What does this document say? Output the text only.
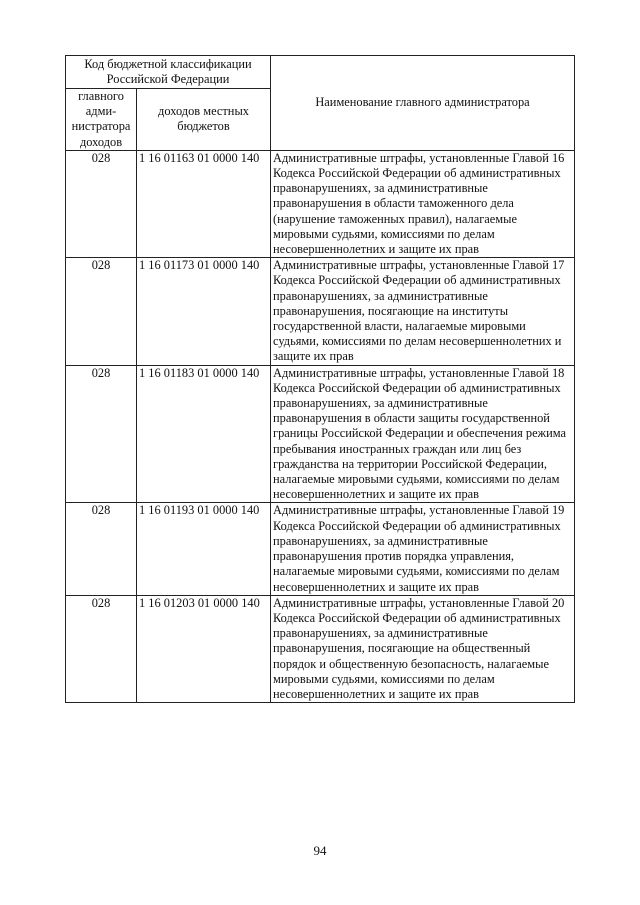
Код бюджетной классификации Российской Федерации		Наименование главного администратора
главного адми-нистратора доходов	доходов местных бюджетов	
028	1 16 01163 01 0000 140	Административные штрафы, установленные Главой 16 Кодекса Российской Федерации об административных правонарушениях, за административные правонарушения в области таможенного дела (нарушение таможенных правил), налагаемые мировыми судьями, комиссиями по делам несовершеннолетних и защите их прав
028	1 16 01173 01 0000 140	Административные штрафы, установленные Главой 17 Кодекса Российской Федерации об административных правонарушениях, за административные правонарушения, посягающие на институты государственной власти, налагаемые мировыми судьями, комиссиями по делам несовершеннолетних и защите их прав
028	1 16 01183 01 0000 140	Административные штрафы, установленные Главой 18 Кодекса Российской Федерации об административных правонарушениях, за административные правонарушения в области защиты государственной границы Российской Федерации и обеспечения режима пребывания иностранных граждан или лиц без гражданства на территории Российской Федерации, налагаемые мировыми судьями, комиссиями по делам несовершеннолетних и защите их прав
028	1 16 01193 01 0000 140	Административные штрафы, установленные Главой 19 Кодекса Российской Федерации об административных правонарушениях, за административные правонарушения против порядка управления, налагаемые мировыми судьями, комиссиями по делам несовершеннолетних и защите их прав
028	1 16 01203 01 0000 140	Административные штрафы, установленные Главой 20 Кодекса Российской Федерации об административных правонарушениях, за административные правонарушения, посягающие на общественный порядок и общественную безопасность, налагаемые мировыми судьями, комиссиями по делам несовершеннолетних и защите их прав
94
